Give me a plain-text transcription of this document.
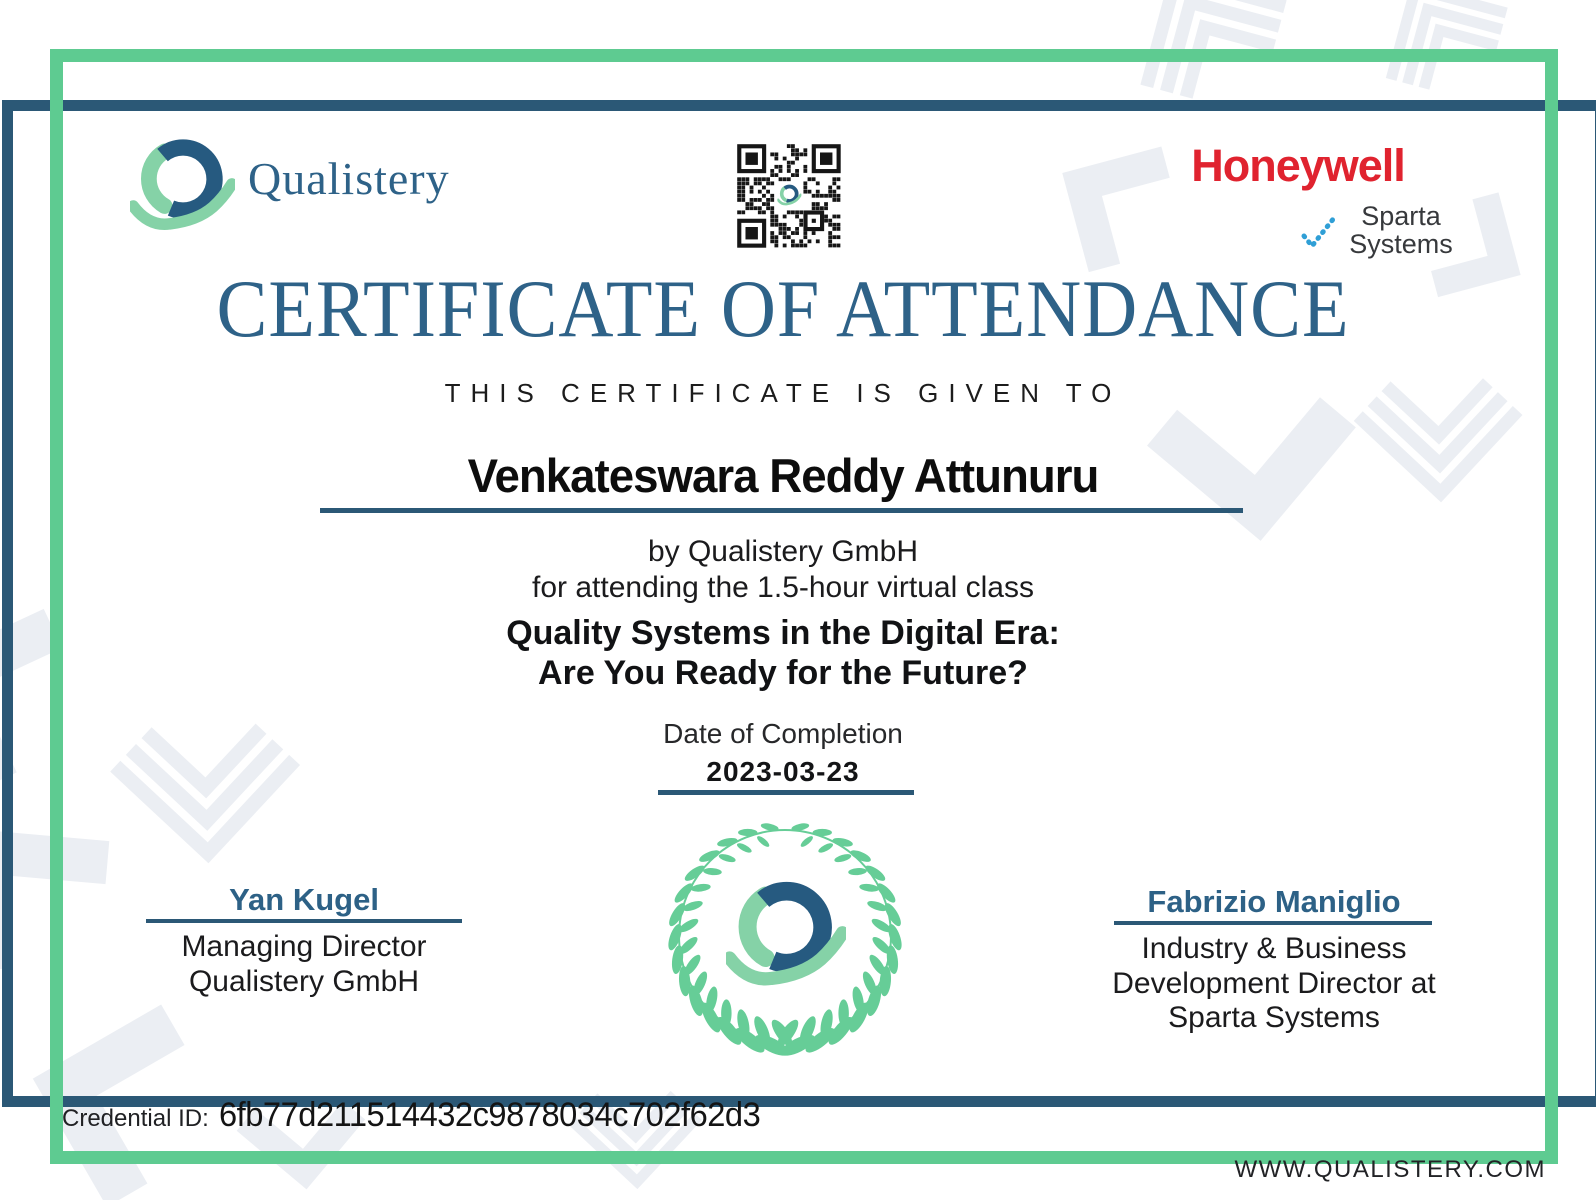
Qualistery	Honeywell
Sparta
Systems
CERTIFICATE OF ATTENDANCE
THIS CERTIFICATE IS GIVEN TO
Venkateswara Reddy Attunuru
by Qualistery GmbH
for attending the 1.5-hour virtual class
Quality Systems in the Digital Era:
Are You Ready for the Future?
Date of Completion
2023-03-23
Yan Kugel
Managing Director
Qualistery GmbH
Fabrizio Maniglio
Industry & Business
Development Director at
Sparta Systems
Credential ID: 6fb77d211514432c9878034c702f62d3
WWW.QUALISTERY.COM
